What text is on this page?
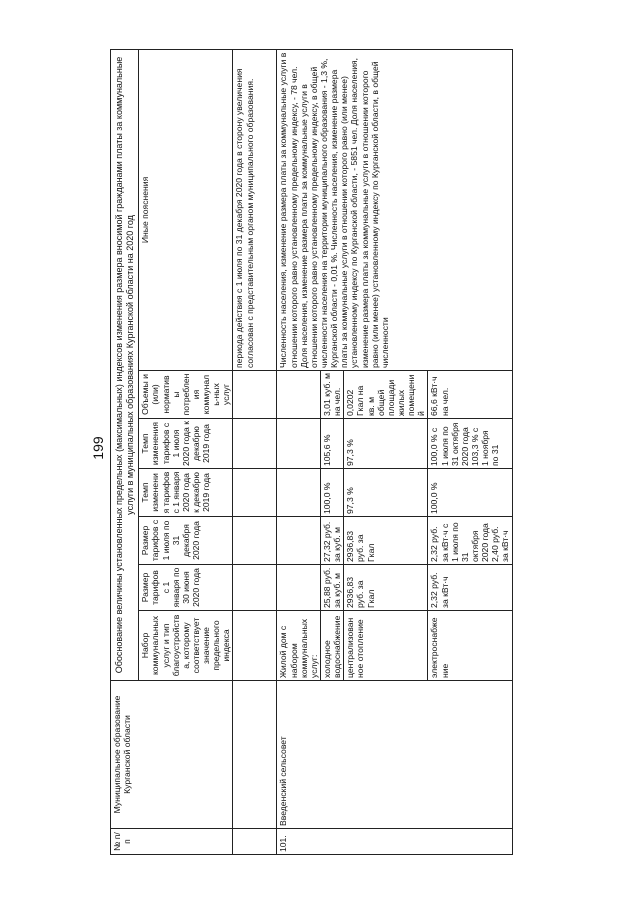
199
№ п/п	Муниципальное образование Курганской области	Обоснование величины установленных предельных (максимальных) индексов изменения размера вносимой гражданами платы за коммунальные услуги в муниципальных образованиях Курганской области на 2020 год						
		Набор коммунальных услуг и тип благоустройства, которому соответствует значение предельного индекса	Размер тарифов с 1 января по 30 июня 2020 года	Размер тарифов с 1 июля по 31 декабря 2020 года	Темп изменения тарифов с 1 января 2020 года к декабрю 2019 года	Темп изменения тарифов с 1 июля 2020 года к декабрю 2019 года	Объемы и (или) нормативы потребления коммуналь-ных услуг	Иные пояснения
								периода действия с 1 июля по 31 декабря 2020 года в сторону увеличения согласован с представительным органом муниципального образования.
101.	Введенский сельсовет	Жилой дом с набором коммунальных услуг:						Численность населения, изменение размера платы за коммунальные услуги в отношении которого равно установленному предельному индексу, - 78 чел. Доля населения, изменение размера платы за коммунальные услуги в отношении которого равно установленному предельному индексу, в общей численности населения на территории муниципального образования - 1,3 %, Курганской области - 0,01 %. Численность населения, изменение размера платы за коммунальные услуги в отношении которого равно (или менее) установленному индексу по Курганской области, - 5851 чел. Доля населения, изменение размера платы за коммунальные услуги в отношении которого равно (или менее) установленному индексу по Курганской области, в общей численности
		холодное водоснабжение	25,88 руб. за куб. м	27,32 руб. за куб. м	100,0 %	105,6 %	3,01 куб. м на чел.	
		централизованное отопление	2936,83 руб. за Гкал	2936,83 руб. за Гкал	97,3 %	97,3 %	0,0202 Гкал на кв. м общей площади жилых помещений	
		электроснабжение	2,32 руб. за кВт·ч	2,32 руб. за кВт·ч с 1 июля по 31 октября 2020 года 2,40 руб. за кВт·ч	100,0 %	100,0 % с 1 июля по 31 октября 2020 года 103,3 % с 1 ноября по 31	66,6 кВт·ч на чел.	
